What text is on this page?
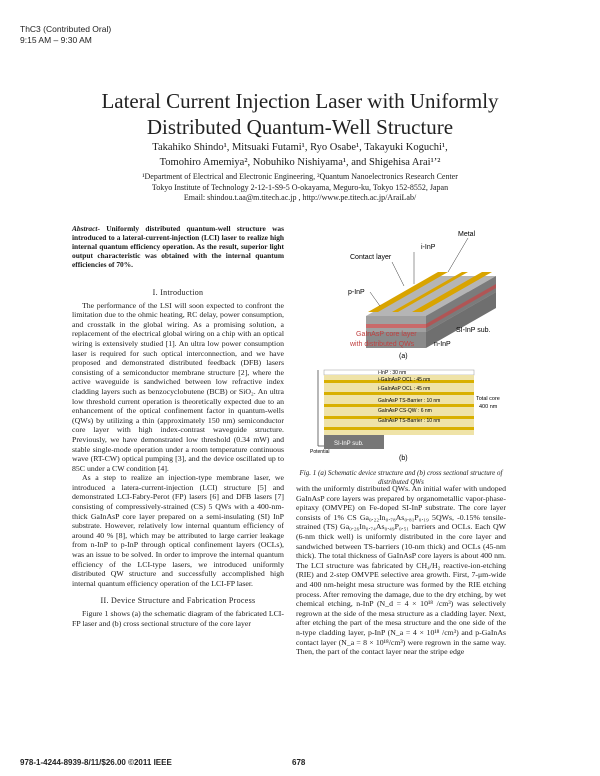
ThC3 (Contributed Oral)
9:15 AM – 9:30 AM
Lateral Current Injection Laser with Uniformly
Distributed Quantum-Well Structure
Takahiko Shindo¹, Mitsuaki Futami¹, Ryo Osabe¹, Takayuki Koguchi¹,
Tomohiro Amemiya², Nobuhiko Nishiyama¹, and Shigehisa Arai¹ʼ²
¹Department of Electrical and Electronic Engineering, ²Quantum Nanoelectronics Research Center
Tokyo Institute of Technology 2-12-1-S9-5 O-okayama, Meguro-ku, Tokyo 152-8552, Japan
Email: shindou.t.aa@m.titech.ac.jp , http://www.pe.titech.ac.jp/AraiLab/
Abstract- Uniformly distributed quantum-well structure was introduced to a lateral-current-injection (LCI) laser to realize high internal quantum efficiency operation. As the result, superior light output characteristic was obtained with the internal quantum efficiencies of 70%.
I. Introduction

The performance of the LSI will soon expected to confront the limitation due to the ohmic heating, RC delay, power consumption, and crosstalk in the global wiring. As a promising solution, a replacement of the electrical global wiring on a chip with an optical wiring is extensively studied [1]. An ultra low power consumption laser is required for such optical interconnection, and we have proposed and demonstrated distributed feedback (DFB) lasers consisting of a semiconductor membrane structure [2], where the active waveguide is sandwiched between low refractive index cladding layers such as benzocyclobutene (BCB) or SiO₂. An ultra low threshold current operation is theoretically expected due to an enhancement of the optical confinement factor in quantum-wells (QWs) by utilizing a thin (approximately 150 nm) semiconductor core layer with high index-contrast waveguide structure. Previously, we have demonstrated low threshold (0.34 mW) and stable single-mode operation under a room temperature continuous wave (RT-CW) optical pumping [3], and the device oscillated up to 85C under a CW condition [4].

As a step to realize an injection-type membrane laser, we introduced a latera-current-injection (LCI) structure [5] and demonstrated LCI-Fabry-Perot (FP) lasers [6] and DFB lasers [7] consisting of compressively-strained (CS) 5 QWs with a 400-nm-thick GaInAsP core layer prepared on a semi-insulating (SI) InP substrate. However, relatively low internal quantum efficiency of around 40 % [8], which may be attributed to large carrier leakage from n-InP to p-InP through optical confinement layers (OCLs), was an issue to be solved. In order to improve the internal quantum efficiency of the LCI-type lasers, we introduced uniformly distributed QW structure and successfully accomplished high internal quantum efficiency operation of the LCI-FP laser.

II. Device Structure and Fabrication Process

Figure 1 shows (a) the schematic diagram of the fabricated LCI-FP laser and (b) cross sectional structure of the core layer

Metal
i-InP
Contact layer
p-InP
SI-InP sub.
n-InP
GaInAsP core layer
with distributed QWs
(a)
Potential
SI-InP sub.
i-InP : 30 nm
i-GaInAsP OCL : 45 nm
i-GaInAsP OCL : 45 nm
GaInAsP TS-Barrier : 10 nm
GaInAsP CS-QW : 6 nm
GaInAsP TS-Barrier : 10 nm
Total core
400 nm
(b)
Fig. 1 (a) Schematic device structure and (b) cross sectional structure of distributed QWs

with the uniformly distributed QWs. An initial wafer with undoped GaInAsP core layers was prepared by organometallic vapor-phase-epitaxy (OMVPE) on Fe-doped SI-InP substrate. The core layer consists of 1% CS Ga₀.₂₂In₀.₇₈As₀.₈₁P₀.₁₉ 5QWs, -0.15% tensile-strained (TS) Ga₀.₂₆In₀.₇₄As₀.₄₉P₀.₅₁ barriers and OCLs. Each QW (6-nm thick well) is uniformly distributed in the core layer and sandwiched between TS-barriers (10-nm thick) and OCLs (45-nm thick). The total thickness of GaInAsP core layers is about 400 nm. The LCI structure was fabricated by CH₄/H₂ reactive-ion-etching (RIE) and 2-step OMVPE selective area growth. First, 7-μm-wide and 400 nm-height mesa structure was formed by the RIE etching process. After removing the damage, due to the dry etching, by wet chemical etching, n-InP (N_d = 4 × 10¹⁸ /cm³) was selectively regrown at the side of the mesa structure as a cladding layer. Next, after etching the part of the mesa structure and the one side of the n-type cladding layer, p-InP (N_a = 4 × 10¹⁸ /cm³) and p-GaInAs contact layer (N_a = 8 × 10¹⁸/cm³) were regrown in the same way. Then, the part of the contact layer near the stripe edge

978-1-4244-8939-8/11/$26.00 ©2011 IEEE	678
